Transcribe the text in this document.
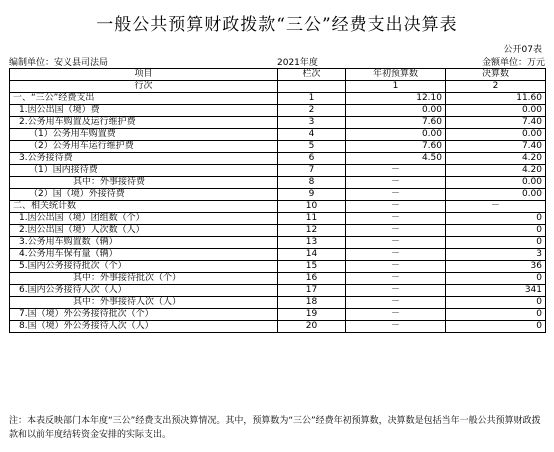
一般公共预算财政拨款“三公”经费支出决算表
公开07表
编制单位：安义县司法局	2021年度	金额单位：万元
项目	栏次	年初预算数	决算数
行次		1	2
一、“三公”经费支出	1	12.10	11.60
1.因公出国（境）费	2	0.00	0.00
2.公务用车购置及运行维护费	3	7.60	7.40
（1）公务用车购置费	4	0.00	0.00
（2）公务用车运行维护费	5	7.60	7.40
3.公务接待费	6	4.50	4.20
（1）国内接待费	7	－	4.20
其中：外事接待费	8	－	0.00
（2）国（境）外接待费	9	－	0.00
二、相关统计数	10	－	－
1.因公出国（境）团组数（个）	11	－	0
2.因公出国（境）人次数（人）	12	－	0
3.公务用车购置数（辆）	13	－	0
4.公务用车保有量（辆）	14	－	3
5.国内公务接待批次（个）	15	－	36
其中：外事接待批次（个）	16	－	0
6.国内公务接待人次（人）	17	－	341
其中：外事接待人次（人）	18	－	0
7.国（境）外公务接待批次（个）	19	－	0
8.国（境）外公务接待人次（人）	20	－	0
注：本表反映部门本年度“三公”经费支出预决算情况。其中，预算数为“三公”经费年初预算数，决算数是包括当年一般公共预算财政拨款和以前年度结转资金安排的实际支出。
